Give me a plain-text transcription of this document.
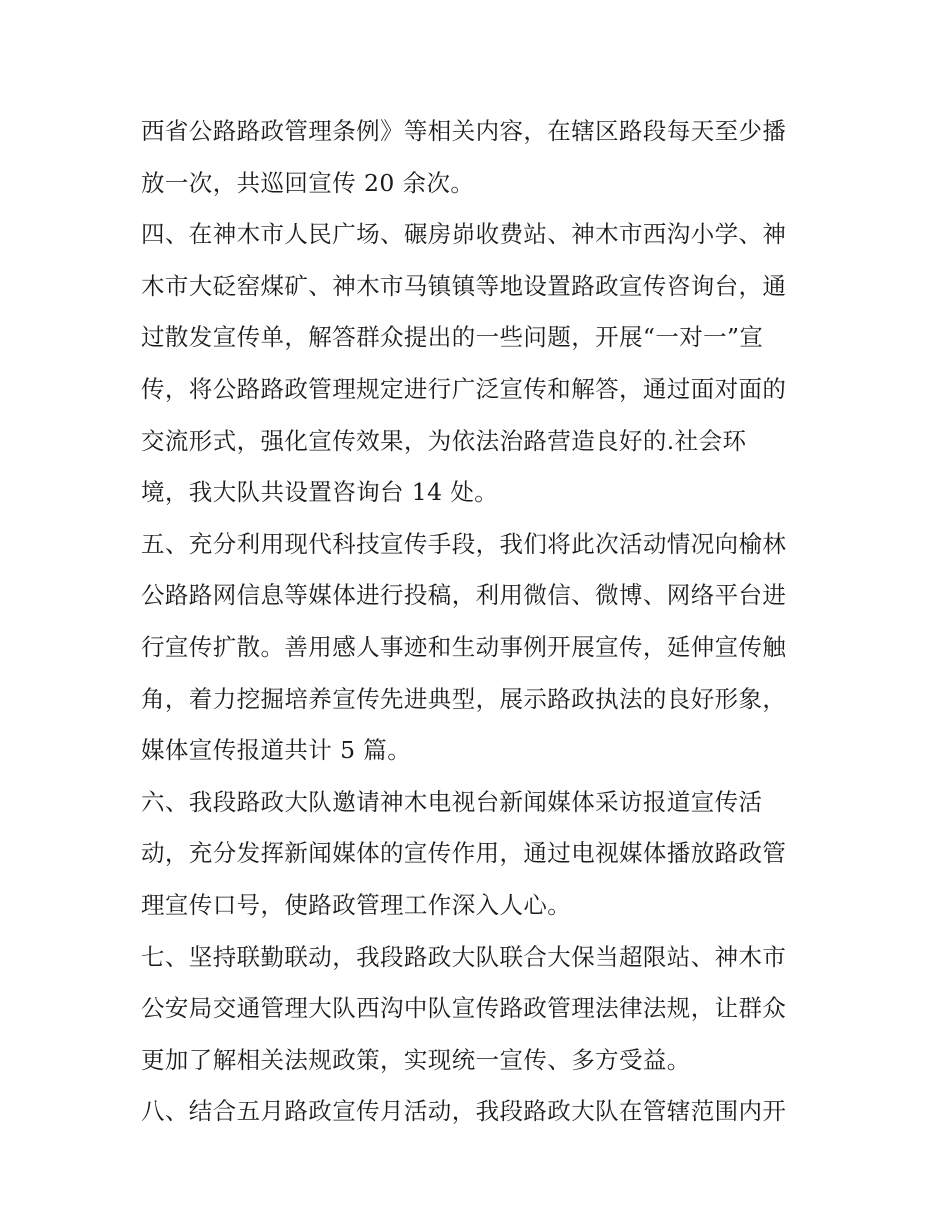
西省公路路政管理条例》等相关内容，在辖区路段每天至少播
放一次，共巡回宣传 20 余次。
四、在神木市人民广场、碾房峁收费站、神木市西沟小学、神
木市大砭窑煤矿、神木市马镇镇等地设置路政宣传咨询台，通
过散发宣传单，解答群众提出的一些问题，开展“一对一”宣
传，将公路路政管理规定进行广泛宣传和解答，通过面对面的
交流形式，强化宣传效果，为依法治路营造良好的.社会环
境，我大队共设置咨询台 14 处。
五、充分利用现代科技宣传手段，我们将此次活动情况向榆林
公路路网信息等媒体进行投稿，利用微信、微博、网络平台进
行宣传扩散。善用感人事迹和生动事例开展宣传，延伸宣传触
角，着力挖掘培养宣传先进典型，展示路政执法的良好形象，
媒体宣传报道共计 5 篇。
六、我段路政大队邀请神木电视台新闻媒体采访报道宣传活
动，充分发挥新闻媒体的宣传作用，通过电视媒体播放路政管
理宣传口号，使路政管理工作深入人心。
七、坚持联勤联动，我段路政大队联合大保当超限站、神木市
公安局交通管理大队西沟中队宣传路政管理法律法规，让群众
更加了解相关法规政策，实现统一宣传、多方受益。
八、结合五月路政宣传月活动，我段路政大队在管辖范围内开
